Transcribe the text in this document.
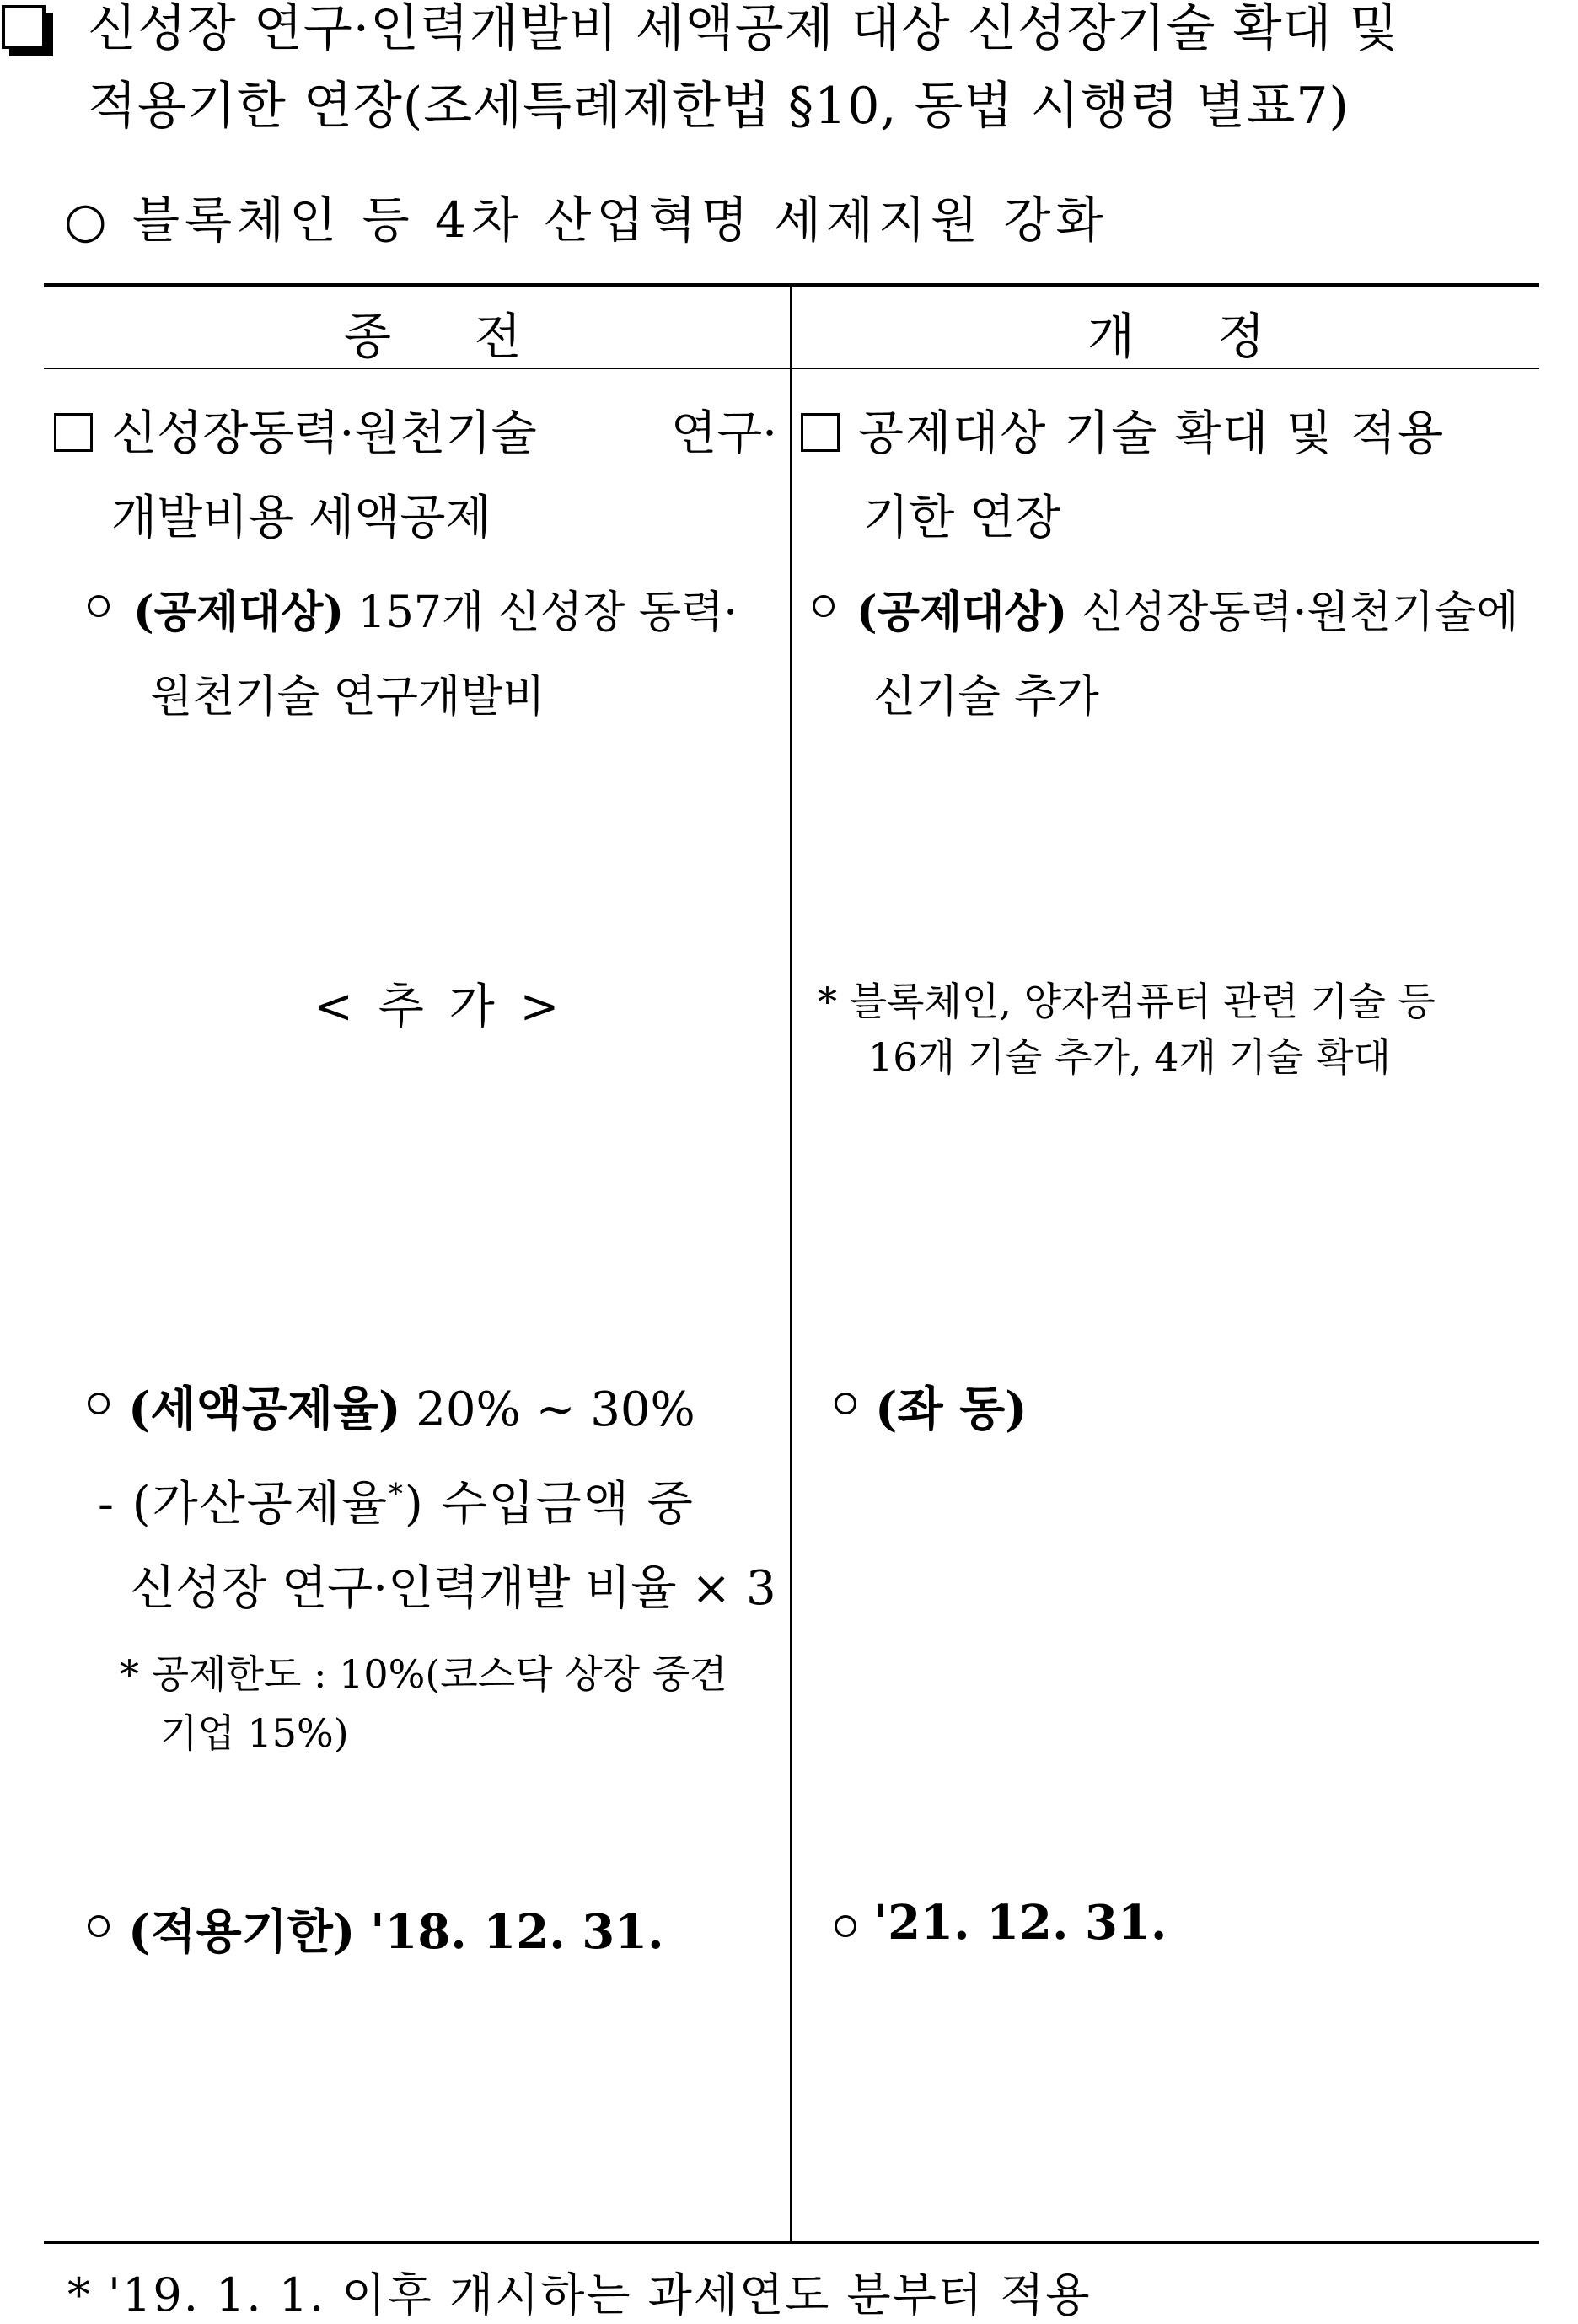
신성장 연구·인력개발비 세액공제 대상 신성장기술 확대 및
적용기한 연장(조세특례제한법 §10, 동법 시행령 별표7)
○ 블록체인 등 4차 산업혁명 세제지원 강화
종 전	개 정
신성장동력·원천기술	연구·
개발비용 세액공제
(공제대상) 157개 신성장 동력·
원천기술 연구개발비
< 추 가 >
(세액공제율) 20% ~ 30%
- (가산공제율*) 수입금액 중
신성장 연구·인력개발 비율 × 3
* 공제한도 : 10%(코스닥 상장 중견
기업 15%)
(적용기한) '18. 12. 31.
공제대상 기술 확대 및 적용
기한 연장
(공제대상) 신성장동력·원천기술에
신기술 추가
* 블록체인, 양자컴퓨터 관련 기술 등
16개 기술 추가, 4개 기술 확대
(좌 동)
'21. 12. 31.
* '19. 1. 1. 이후 개시하는 과세연도 분부터 적용
